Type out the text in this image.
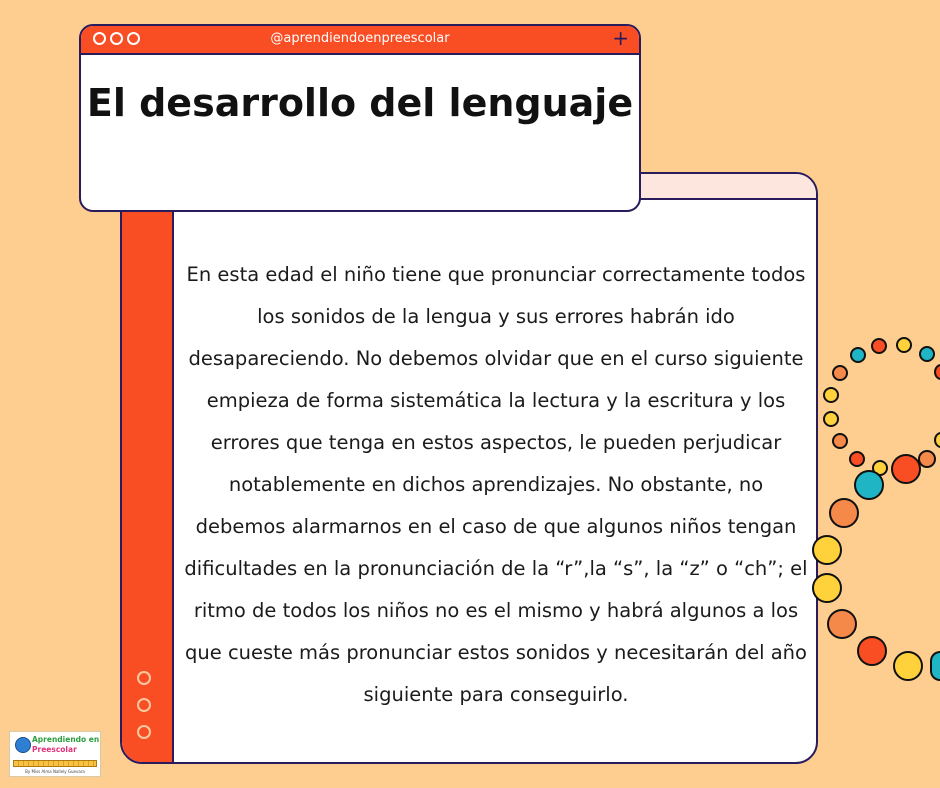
En esta edad el niño tiene que pronunciar correctamente todos los sonidos de la lengua y sus errores habrán ido desapareciendo. No debemos olvidar que en el curso siguiente empieza de forma sistemática la lectura y la escritura y los errores que tenga en estos aspectos, le pueden perjudicar notablemente en dichos aprendizajes. No obstante, no debemos alarmarnos en el caso de que algunos niños tengan dificultades en la pronunciación de la “r”,la “s”, la “z” o “ch”; el ritmo de todos los niños no es el mismo y habrá algunos a los que cueste más pronunciar estos sonidos y necesitarán del año siguiente para conseguirlo.
@aprendiendoenpreescolar	+
El desarrollo del lenguaje
Aprendiendo en
Preescolar
By Miss Alma Nallely Guevara
